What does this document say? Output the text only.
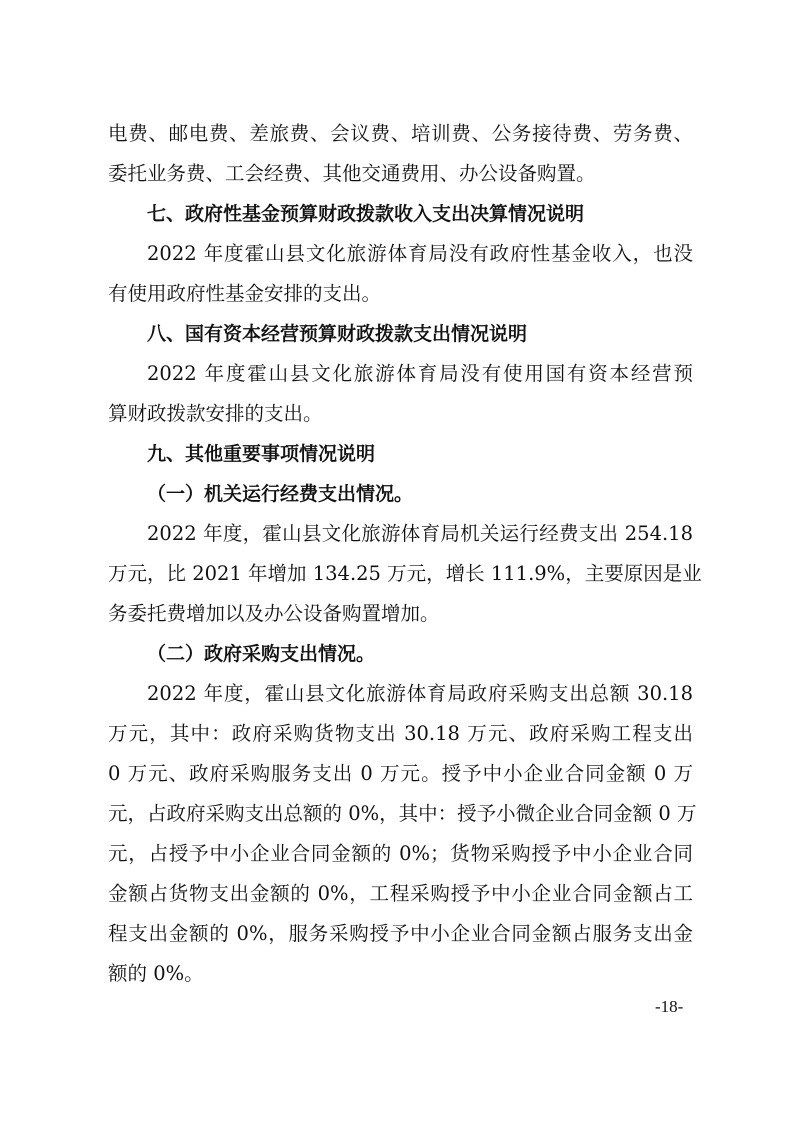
电费、邮电费、差旅费、会议费、培训费、公务接待费、劳务费、
委托业务费、工会经费、其他交通费用、办公设备购置。
七、政府性基金预算财政拨款收入支出决算情况说明
2022 年度霍山县文化旅游体育局没有政府性基金收入，也没
有使用政府性基金安排的支出。
八、国有资本经营预算财政拨款支出情况说明
2022 年度霍山县文化旅游体育局没有使用国有资本经营预
算财政拨款安排的支出。
九、其他重要事项情况说明
（一）机关运行经费支出情况。
2022 年度，霍山县文化旅游体育局机关运行经费支出 254.18
万元，比 2021 年增加 134.25 万元，增长 111.9%，主要原因是业
务委托费增加以及办公设备购置增加。
（二）政府采购支出情况。
2022 年度，霍山县文化旅游体育局政府采购支出总额 30.18
万元，其中：政府采购货物支出 30.18 万元、政府采购工程支出
0 万元、政府采购服务支出 0 万元。授予中小企业合同金额 0 万
元，占政府采购支出总额的 0%，其中：授予小微企业合同金额 0 万
元，占授予中小企业合同金额的 0%；货物采购授予中小企业合同
金额占货物支出金额的 0%，工程采购授予中小企业合同金额占工
程支出金额的 0%，服务采购授予中小企业合同金额占服务支出金
额的 0%。
-18-
